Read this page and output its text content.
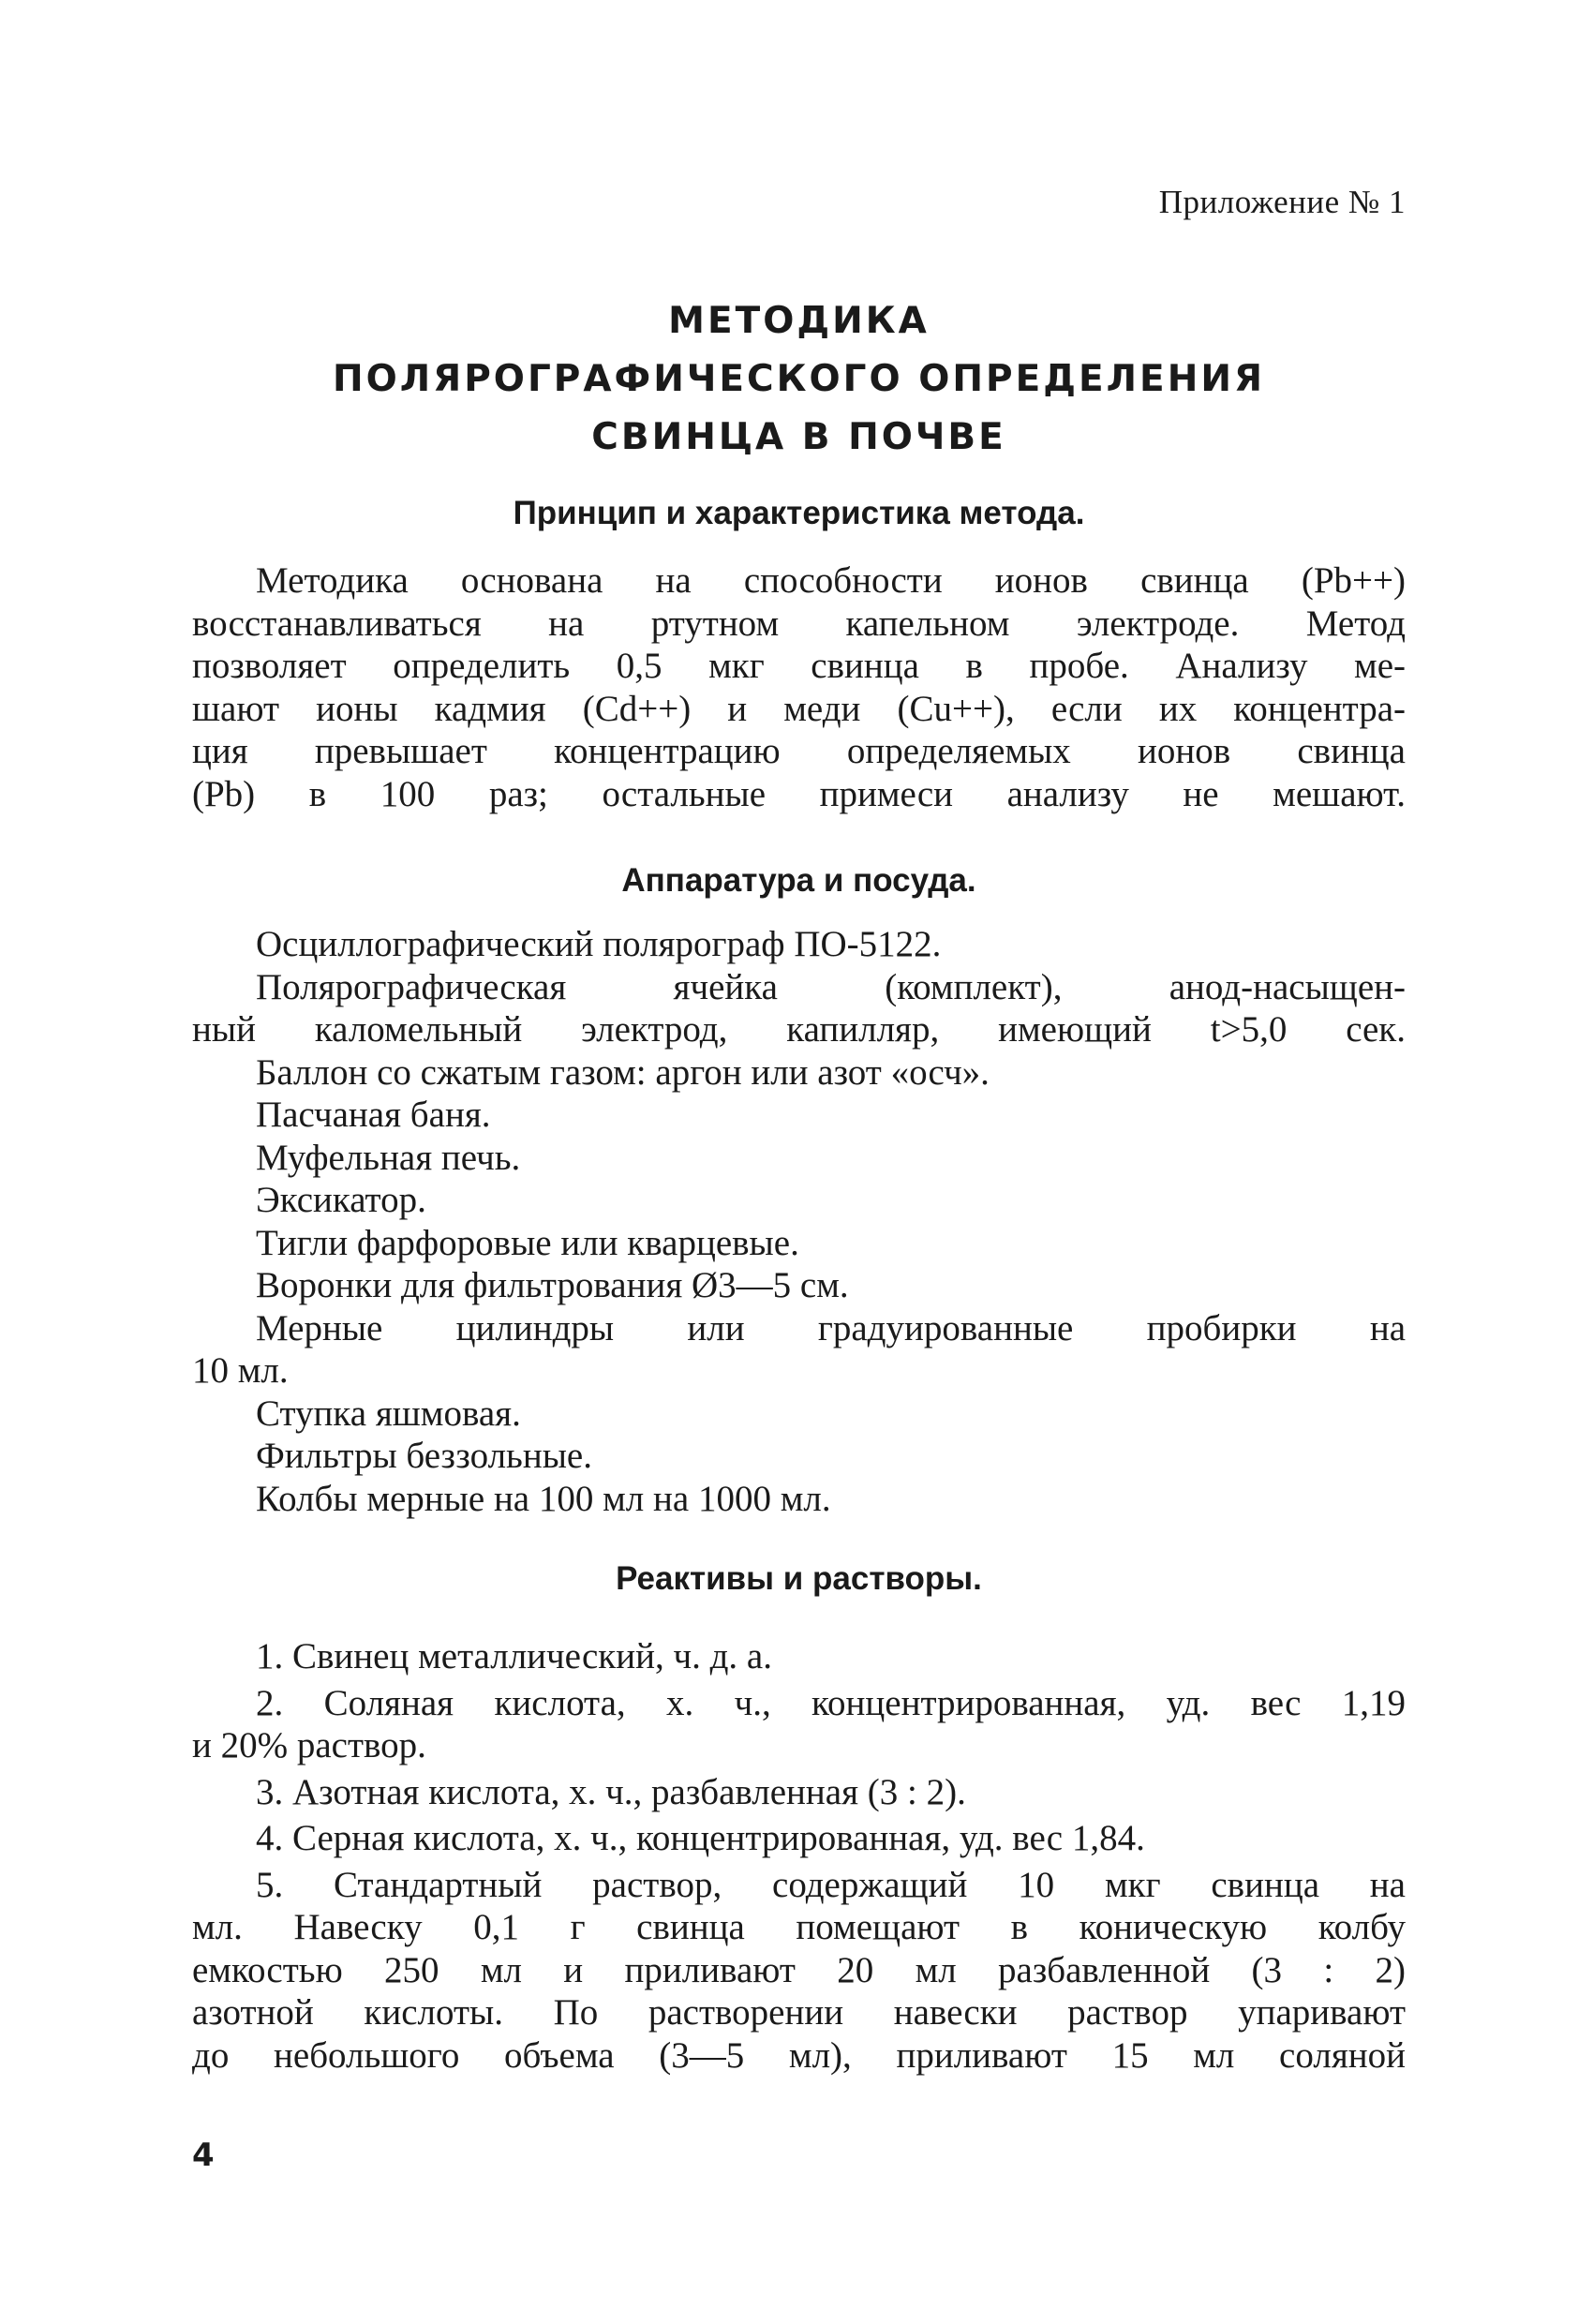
Приложение № 1
МЕТОДИКА
ПОЛЯРОГРАФИЧЕСКОГО ОПРЕДЕЛЕНИЯ
СВИНЦА В ПОЧВЕ
Принцип и характеристика метода.
Методика основана на способности ионов свинца (Pb++)
восстанавливаться на ртутном капельном электроде. Метод
позволяет определить 0,5 мкг свинца в пробе. Анализу ме-
шают ионы кадмия (Cd++) и меди (Cu++), если их концентра-
ция превышает концентрацию определяемых ионов свинца
(Pb) в 100 раз; остальные примеси анализу не мешают.
Аппаратура и посуда.
Осциллографический полярограф ПО-5122.
Полярографическая ячейка (комплект), анод-насыщен-
ный каломельный электрод, капилляр, имеющий t>5,0 сек.
Баллон со сжатым газом: аргон или азот «осч».
Пасчаная баня.
Муфельная печь.
Эксикатор.
Тигли фарфоровые или кварцевые.
Воронки для фильтрования Ø3—5 см.
Мерные цилиндры или градуированные пробирки на
10 мл.
Ступка яшмовая.
Фильтры беззольные.
Колбы мерные на 100 мл на 1000 мл.
Реактивы и растворы.
1. Свинец металлический, ч. д. а.
2. Соляная кислота, х. ч., концентрированная, уд. вес 1,19
и 20% раствор.
3. Азотная кислота, х. ч., разбавленная (3 : 2).
4. Серная кислота, х. ч., концентрированная, уд. вес 1,84.
5. Стандартный раствор, содержащий 10 мкг свинца на
мл. Навеску 0,1 г свинца помещают в коническую колбу
емкостью 250 мл и приливают 20 мл разбавленной (3 : 2)
азотной кислоты. По растворении навески раствор упаривают
до небольшого объема (3—5 мл), приливают 15 мл соляной
4
